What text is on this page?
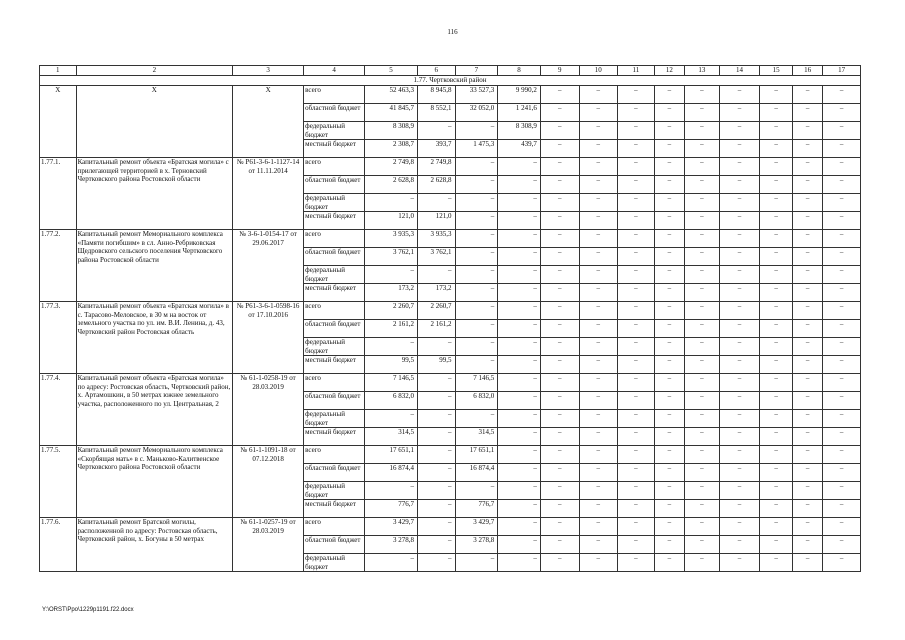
116
1	2	3	4	5	6	7	8	9	10	11	12	13	14	15	16	17
1.77. Чертковский район																
X	X	X	всего	52 463,3	8 945,8	33 527,3	9 990,2	–	–	–	–	–	–	–	–	–
			областной бюджет	41 845,7	8 552,1	32 052,0	1 241,6	–	–	–	–	–	–	–	–	–
			федеральный бюджет	8 308,9	–	–	8 308,9	–	–	–	–	–	–	–	–	–
			местный бюджет	2 308,7	393,7	1 475,3	439,7	–	–	–	–	–	–	–	–	–
1.77.1.	Капитальный ремонт объекта «Братская могила» с прилегающей территорией в х. Терновский Чертковского района Ростовской области	№ Р61-3-6-1-1127-14 от 11.11.2014	всего	2 749,8	2 749,8	–	–	–	–	–	–	–	–	–	–	–
			областной бюджет	2 628,8	2 628,8	–	–	–	–	–	–	–	–	–	–	–
			федеральный бюджет	–	–	–	–	–	–	–	–	–	–	–	–	–
			местный бюджет	121,0	121,0	–	–	–	–	–	–	–	–	–	–	–
1.77.2.	Капитальный ремонт Мемориального комплекса «Памяти погибшим» в сл. Анно-Ребриковская Щедровского сельского поселения Чертковского района Ростовской области	№ 3-6-1-0154-17 от 29.06.2017	всего	3 935,3	3 935,3	–	–	–	–	–	–	–	–	–	–	–
			областной бюджет	3 762,1	3 762,1	–	–	–	–	–	–	–	–	–	–	–
			федеральный бюджет	–	–	–	–	–	–	–	–	–	–	–	–	–
			местный бюджет	173,2	173,2	–	–	–	–	–	–	–	–	–	–	–
1.77.3.	Капитальный ремонт объекта «Братская могила» в с. Тарасово-Меловское, в 30 м на восток от земельного участка по ул. им. В.И. Ленина, д. 43, Чертковский район Ростовская область	№ Р61-3-6-1-0598-16 от 17.10.2016	всего	2 260,7	2 260,7	–	–	–	–	–	–	–	–	–	–	–
			областной бюджет	2 161,2	2 161,2	–	–	–	–	–	–	–	–	–	–	–
			федеральный бюджет	–	–	–	–	–	–	–	–	–	–	–	–	–
			местный бюджет	99,5	99,5	–	–	–	–	–	–	–	–	–	–	–
1.77.4.	Капитальный ремонт объекта «Братская могила» по адресу: Ростовская область, Чертковский район, х. Артамошкин, в 50 метрах южнее земельного участка, расположенного по ул. Центральная, 2	№ 61-1-0258-19 от 28.03.2019	всего	7 146,5	–	7 146,5	–	–	–	–	–	–	–	–	–	–
			областной бюджет	6 832,0	–	6 832,0	–	–	–	–	–	–	–	–	–	–
			федеральный бюджет	–	–	–	–	–	–	–	–	–	–	–	–	–
			местный бюджет	314,5	–	314,5	–	–	–	–	–	–	–	–	–	–
1.77.5.	Капитальный ремонт Мемориального комплекса «Скорбящая мать» в с. Маньково-Калитвенское Чертковского района Ростовской области	№ 61-1-1091-18 от 07.12.2018	всего	17 651,1	–	17 651,1	–	–	–	–	–	–	–	–	–	–
			областной бюджет	16 874,4	–	16 874,4	–	–	–	–	–	–	–	–	–	–
			федеральный бюджет	–	–	–	–	–	–	–	–	–	–	–	–	–
			местный бюджет	776,7	–	776,7	–	–	–	–	–	–	–	–	–	–
1.77.6.	Капитальный ремонт Братской могилы, расположенной по адресу: Ростовская область, Чертковский район, х. Богуны в 50 метрах	№ 61-1-0257-19 от 28.03.2019	всего	3 429,7	–	3 429,7	–	–	–	–	–	–	–	–	–	–
			областной бюджет	3 278,8	–	3 278,8	–	–	–	–	–	–	–	–	–	–
			федеральный бюджет	–	–	–	–	–	–	–	–	–	–	–	–	–
Y:\ORST\Ppo\1229p1191.f22.docx
